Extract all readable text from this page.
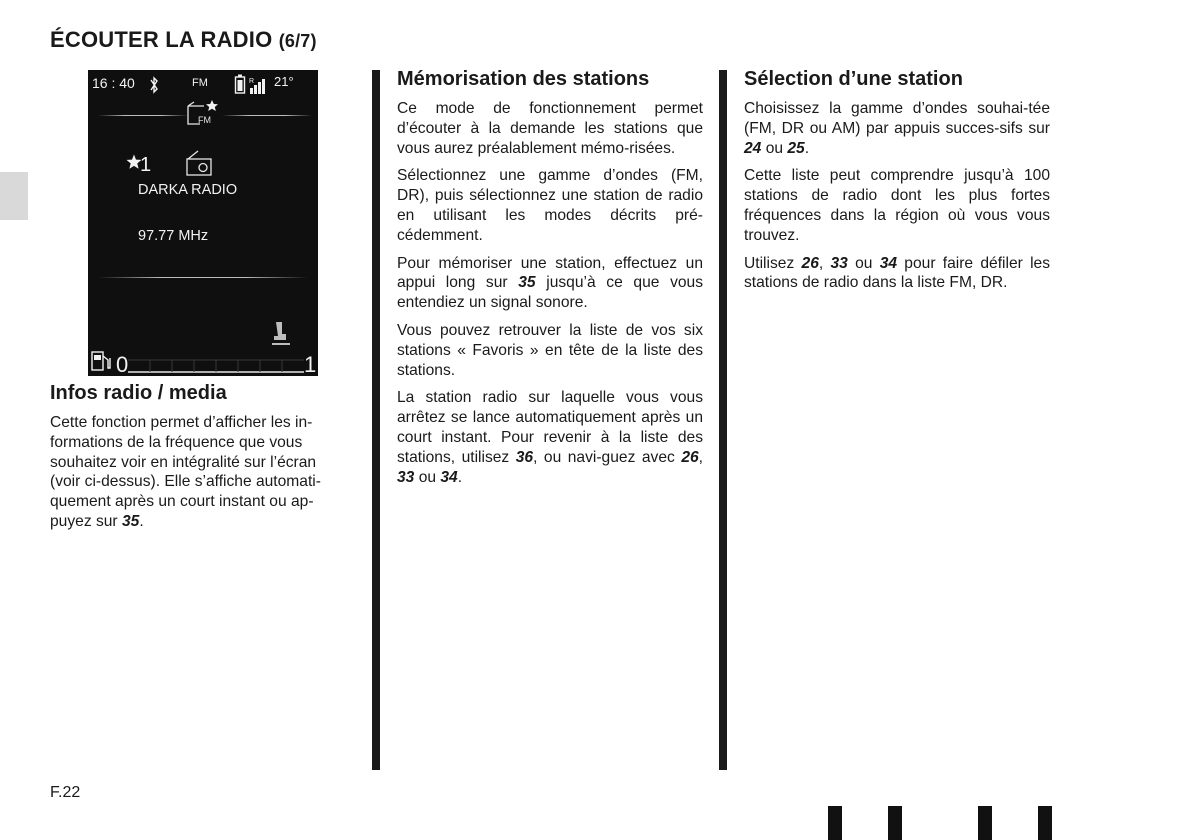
ÉCOUTER LA RADIO (6/7)
16 : 40	FM	R 21°
FM
1
DARKA RADIO
97.77 MHz
0	1
Infos radio / media

Cette fonction permet d’afficher les in-
formations de la fréquence que vous
souhaitez voir en intégralité sur l’écran
(voir ci-dessus). Elle s’affiche automati-
quement après un court instant ou ap-
puyez sur 35.

Mémorisation des stations

Ce mode de fonctionnement permet d’écouter à la demande les stations que vous aurez préalablement mémo-risées.

Sélectionnez une gamme d’ondes (FM, DR), puis sélectionnez une station de radio en utilisant les modes décrits pré-cédemment.

Pour mémoriser une station, effectuez un appui long sur 35 jusqu’à ce que vous entendiez un signal sonore.

Vous pouvez retrouver la liste de vos six stations « Favoris » en tête de la liste des stations.

La station radio sur laquelle vous vous arrêtez se lance automatiquement après un court instant. Pour revenir à la liste des stations, utilisez 36, ou navi-guez avec 26, 33 ou 34.

Sélection d’une station

Choisissez la gamme d’ondes souhai-tée (FM, DR ou AM) par appuis succes-sifs sur 24 ou 25.

Cette liste peut comprendre jusqu’à 100 stations de radio dont les plus fortes fréquences dans la région où vous vous trouvez.

Utilisez 26, 33 ou 34 pour faire défiler les stations de radio dans la liste FM, DR.

F.22
